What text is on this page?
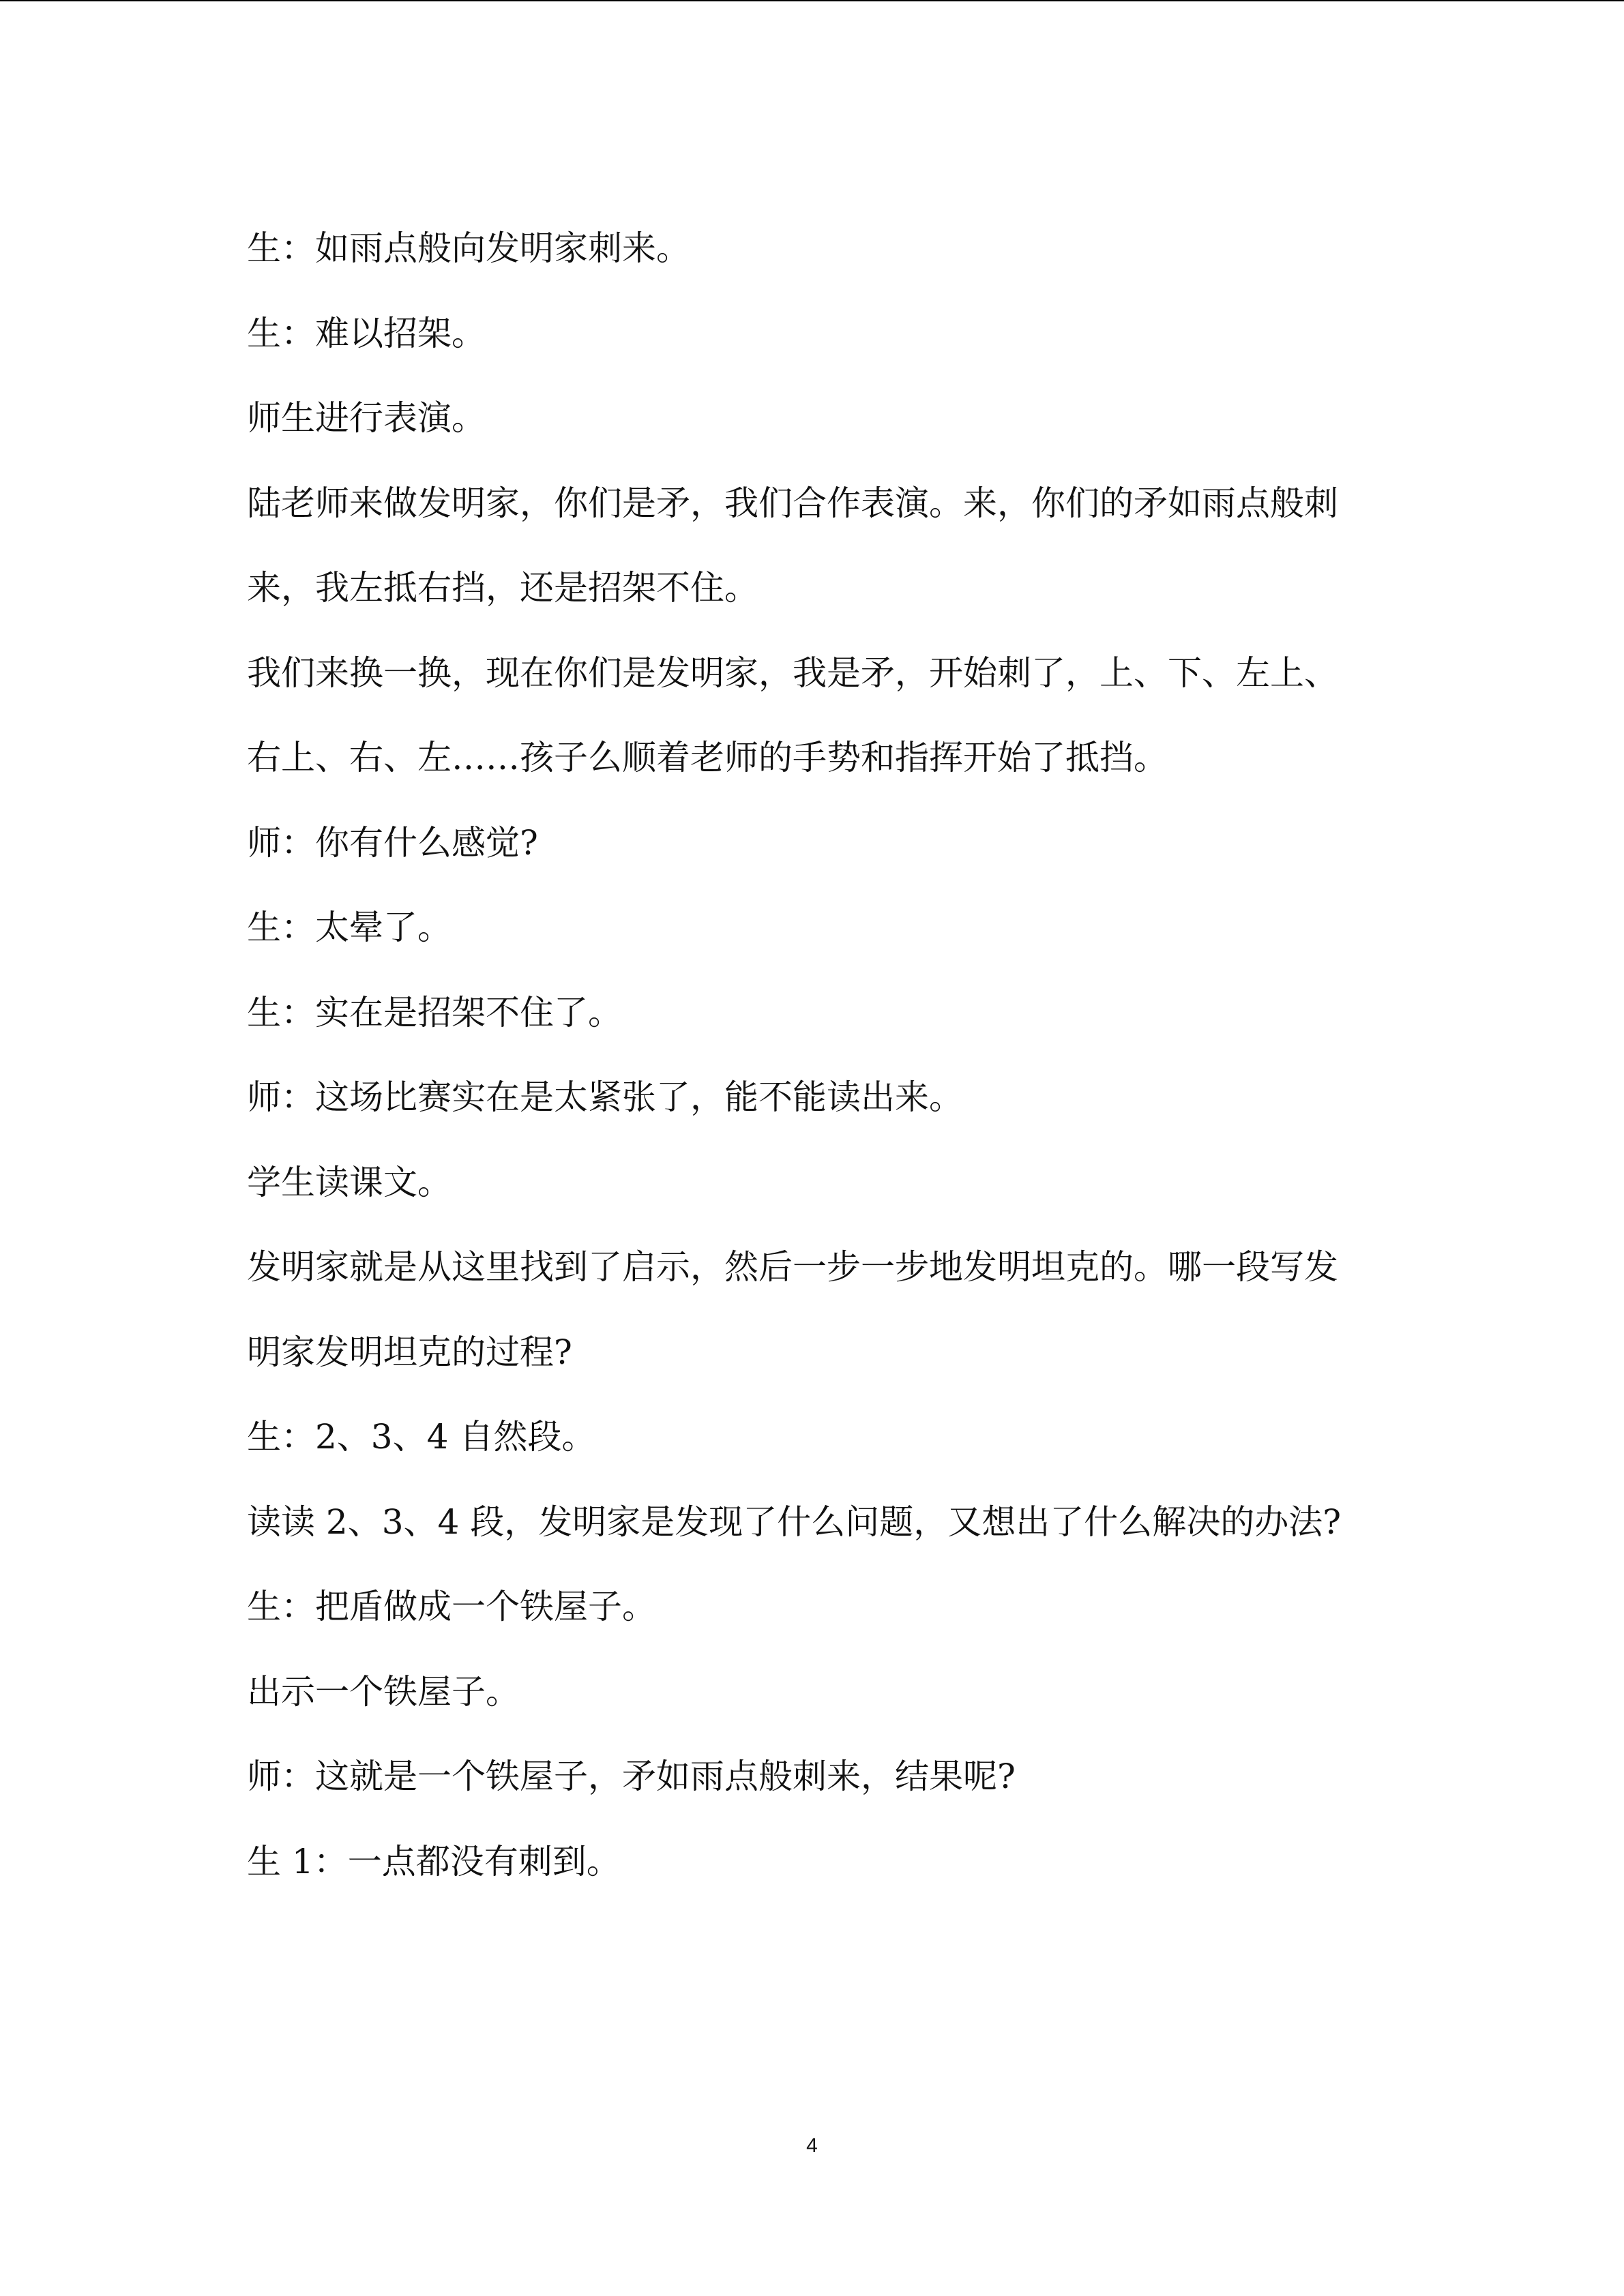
生：如雨点般向发明家刺来。

生：难以招架。

师生进行表演。

陆老师来做发明家，你们是矛，我们合作表演。来，你们的矛如雨点般刺来，我左抵右挡，还是招架不住。

我们来换一换，现在你们是发明家，我是矛，开始刺了，上、下、左上、右上、右、左……孩子么顺着老师的手势和指挥开始了抵挡。

师：你有什么感觉?

生：太晕了。

生：实在是招架不住了。

师：这场比赛实在是太紧张了，能不能读出来。

学生读课文。

发明家就是从这里找到了启示，然后一步一步地发明坦克的。哪一段写发明家发明坦克的过程?

生：2、3、4 自然段。

读读 2、3、4 段，发明家是发现了什么问题，又想出了什么解决的办法?

生：把盾做成一个铁屋子。

出示一个铁屋子。

师：这就是一个铁屋子，矛如雨点般刺来，结果呢?

生 1：一点都没有刺到。

4
